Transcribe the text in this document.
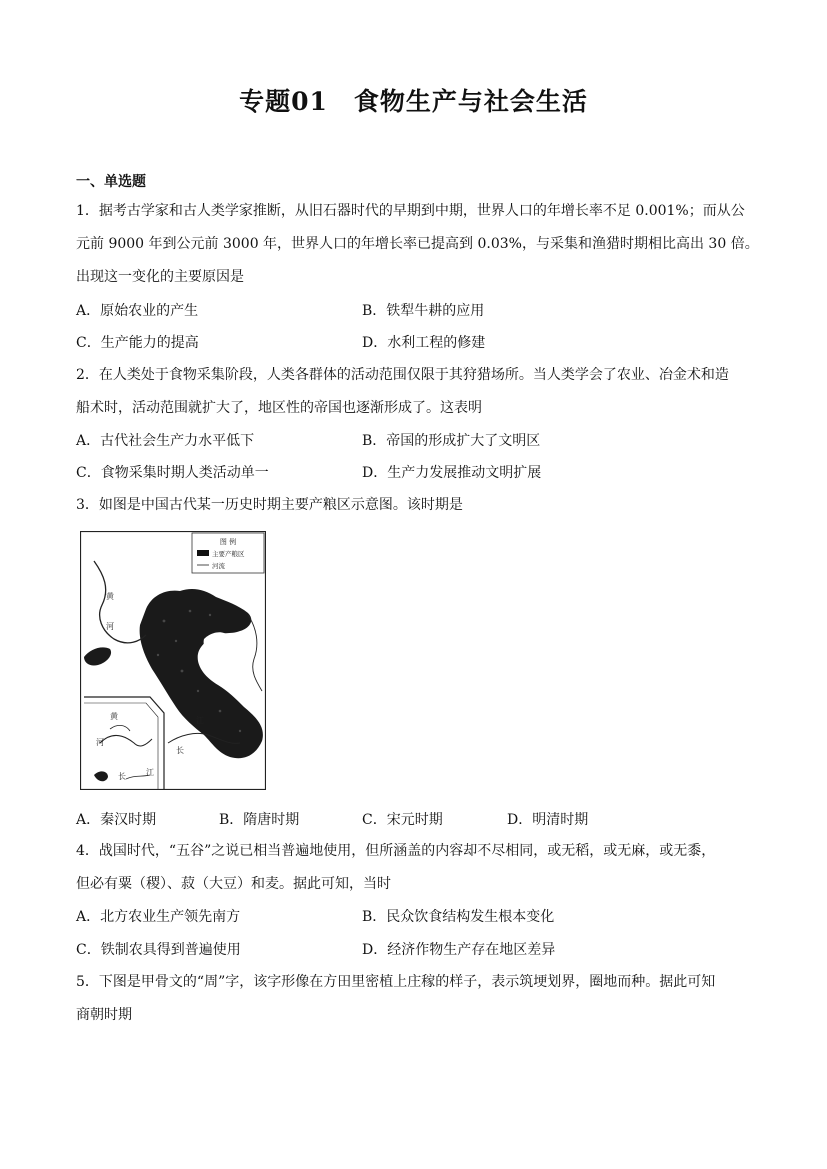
专题01　食物生产与社会生活
一、单选题
1．据考古学家和古人类学家推断，从旧石器时代的早期到中期，世界人口的年增长率不足 0.001%；而从公
元前 9000 年到公元前 3000 年，世界人口的年增长率已提高到 0.03%，与采集和渔猎时期相比高出 30 倍。
出现这一变化的主要原因是
A．原始农业的产生	B．铁犁牛耕的应用
C．生产能力的提高	D．水利工程的修建
2．在人类处于食物采集阶段，人类各群体的活动范围仅限于其狩猎场所。当人类学会了农业、冶金术和造
船术时，活动范围就扩大了，地区性的帝国也逐渐形成了。这表明
A．古代社会生产力水平低下	B．帝国的形成扩大了文明区
C．食物采集时期人类活动单一	D．生产力发展推动文明扩展
3．如图是中国古代某一历史时期主要产粮区示意图。该时期是
图 例
主要产粮区
河流
黄
河
江
长
黄
河
长	江
A．秦汉时期	B．隋唐时期	C．宋元时期	D．明清时期
4．战国时代，“五谷”之说已相当普遍地使用，但所涵盖的内容却不尽相同，或无稻，或无麻，或无黍，
但必有粟（稷）、菽（大豆）和麦。据此可知，当时
A．北方农业生产领先南方	B．民众饮食结构发生根本变化
C．铁制农具得到普遍使用	D．经济作物生产存在地区差异
5．下图是甲骨文的“周”字，该字形像在方田里密植上庄稼的样子，表示筑埂划界，圈地而种。据此可知
商朝时期
